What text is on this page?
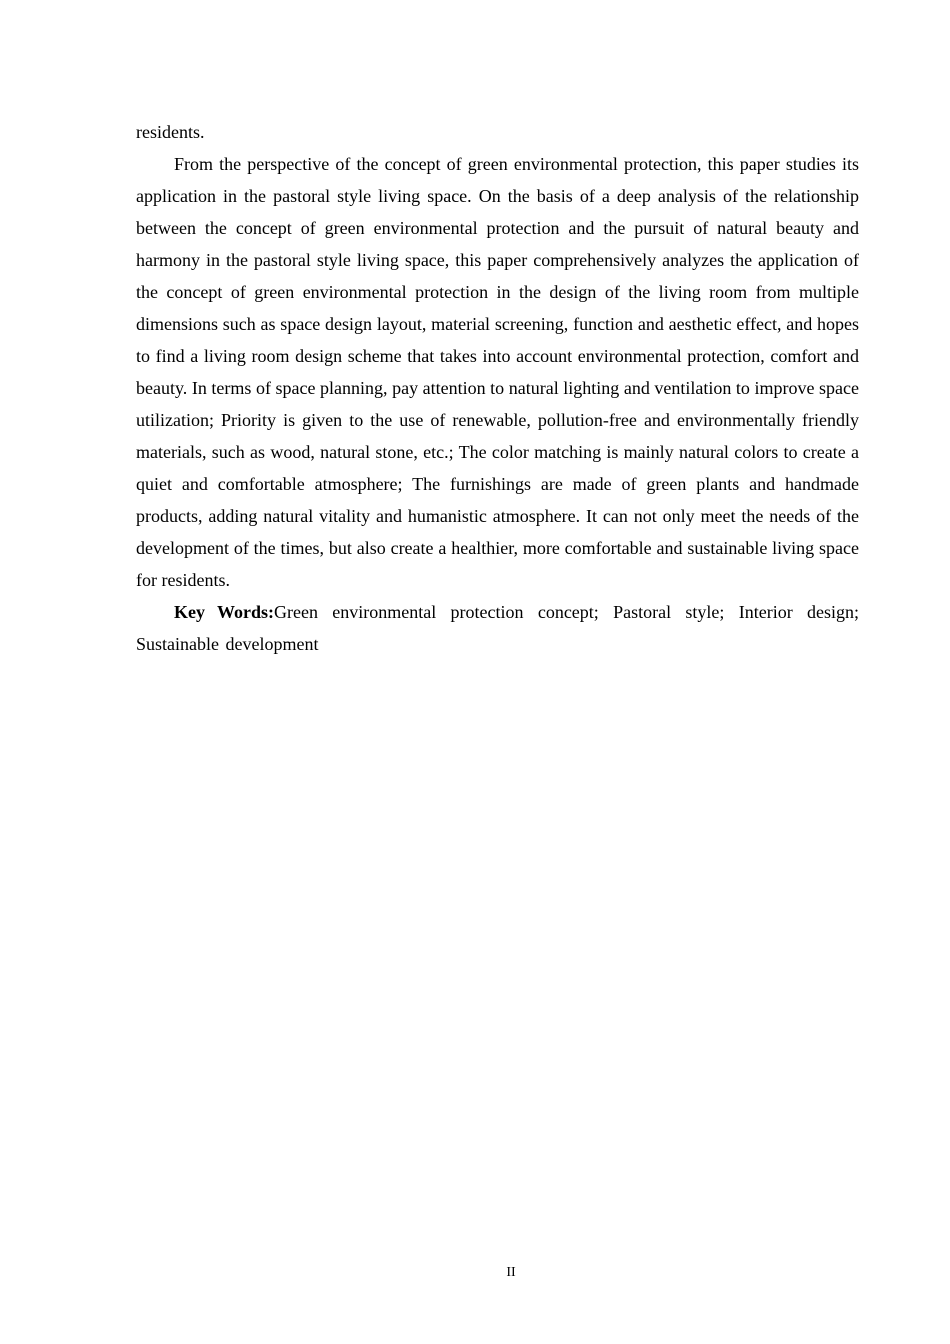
residents.

From the perspective of the concept of green environmental protection, this paper studies its application in the pastoral style living space. On the basis of a deep analysis of the relationship between the concept of green environmental protection and the pursuit of natural beauty and harmony in the pastoral style living space, this paper comprehensively analyzes the application of the concept of green environmental protection in the design of the living room from multiple dimensions such as space design layout, material screening, function and aesthetic effect, and hopes to find a living room design scheme that takes into account environmental protection, comfort and beauty. In terms of space planning, pay attention to natural lighting and ventilation to improve space utilization; Priority is given to the use of renewable, pollution-free and environmentally friendly materials, such as wood, natural stone, etc.; The color matching is mainly natural colors to create a quiet and comfortable atmosphere; The furnishings are made of green plants and handmade products, adding natural vitality and humanistic atmosphere. It can not only meet the needs of the development of the times, but also create a healthier, more comfortable and sustainable living space for residents.

Key Words:Green environmental protection concept; Pastoral style; Interior design; Sustainable development

II
